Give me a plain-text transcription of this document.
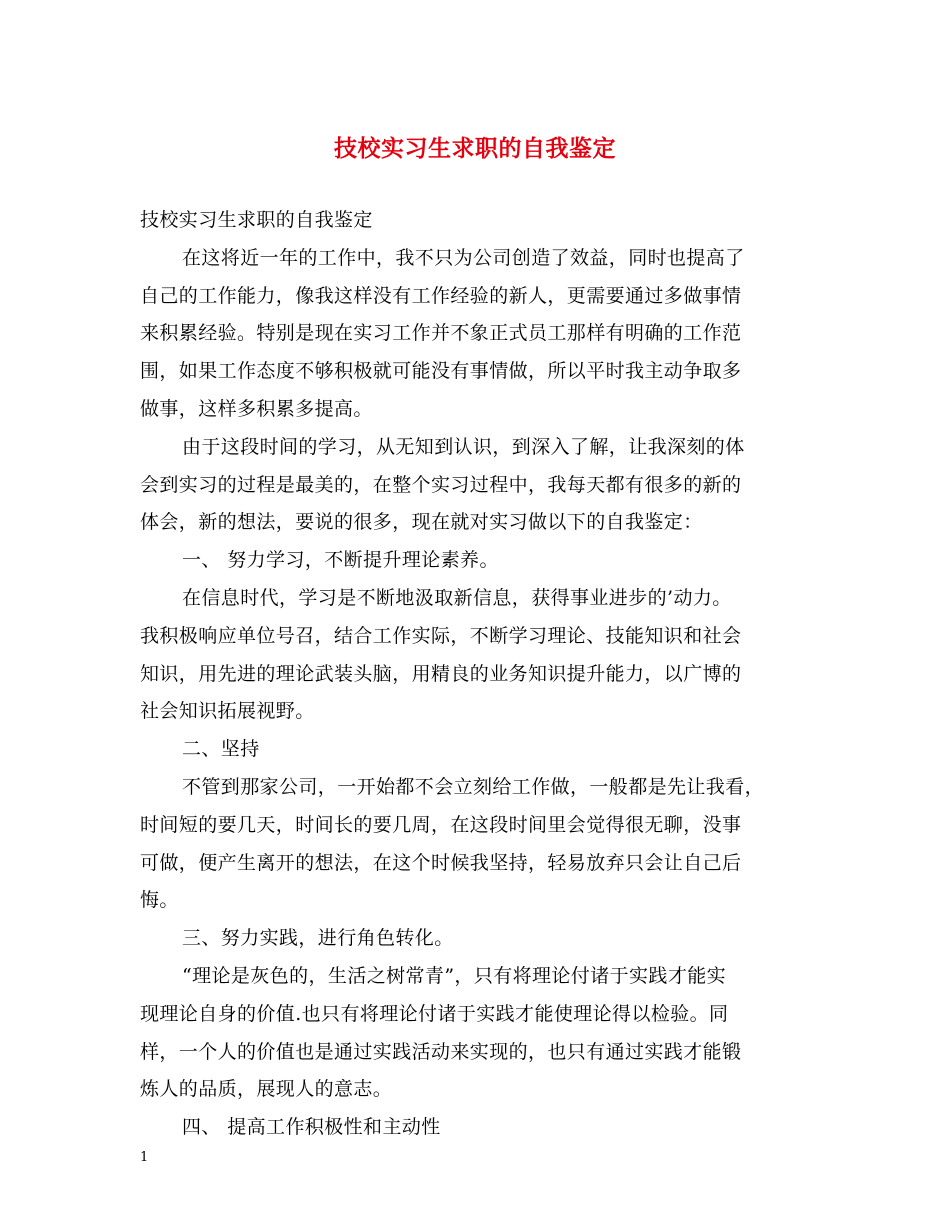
技校实习生求职的自我鉴定
技校实习生求职的自我鉴定
在这将近一年的工作中，我不只为公司创造了效益，同时也提高了
自己的工作能力，像我这样没有工作经验的新人，更需要通过多做事情
来积累经验。特别是现在实习工作并不象正式员工那样有明确的工作范
围，如果工作态度不够积极就可能没有事情做，所以平时我主动争取多
做事，这样多积累多提高。
由于这段时间的学习，从无知到认识，到深入了解，让我深刻的体
会到实习的过程是最美的，在整个实习过程中，我每天都有很多的新的
体会，新的想法，要说的很多，现在就对实习做以下的自我鉴定：
一、 努力学习，不断提升理论素养。
在信息时代，学习是不断地汲取新信息，获得事业进步的’动力。
我积极响应单位号召，结合工作实际，不断学习理论、技能知识和社会
知识，用先进的理论武装头脑，用精良的业务知识提升能力，以广博的
社会知识拓展视野。
二、坚持
不管到那家公司，一开始都不会立刻给工作做，一般都是先让我看，
时间短的要几天，时间长的要几周，在这段时间里会觉得很无聊，没事
可做，便产生离开的想法，在这个时候我坚持，轻易放弃只会让自己后
悔。
三、努力实践，进行角色转化。
“理论是灰色的，生活之树常青”，只有将理论付诸于实践才能实
现理论自身的价值.也只有将理论付诸于实践才能使理论得以检验。同
样，一个人的价值也是通过实践活动来实现的，也只有通过实践才能锻
炼人的品质，展现人的意志。
四、 提高工作积极性和主动性
1
